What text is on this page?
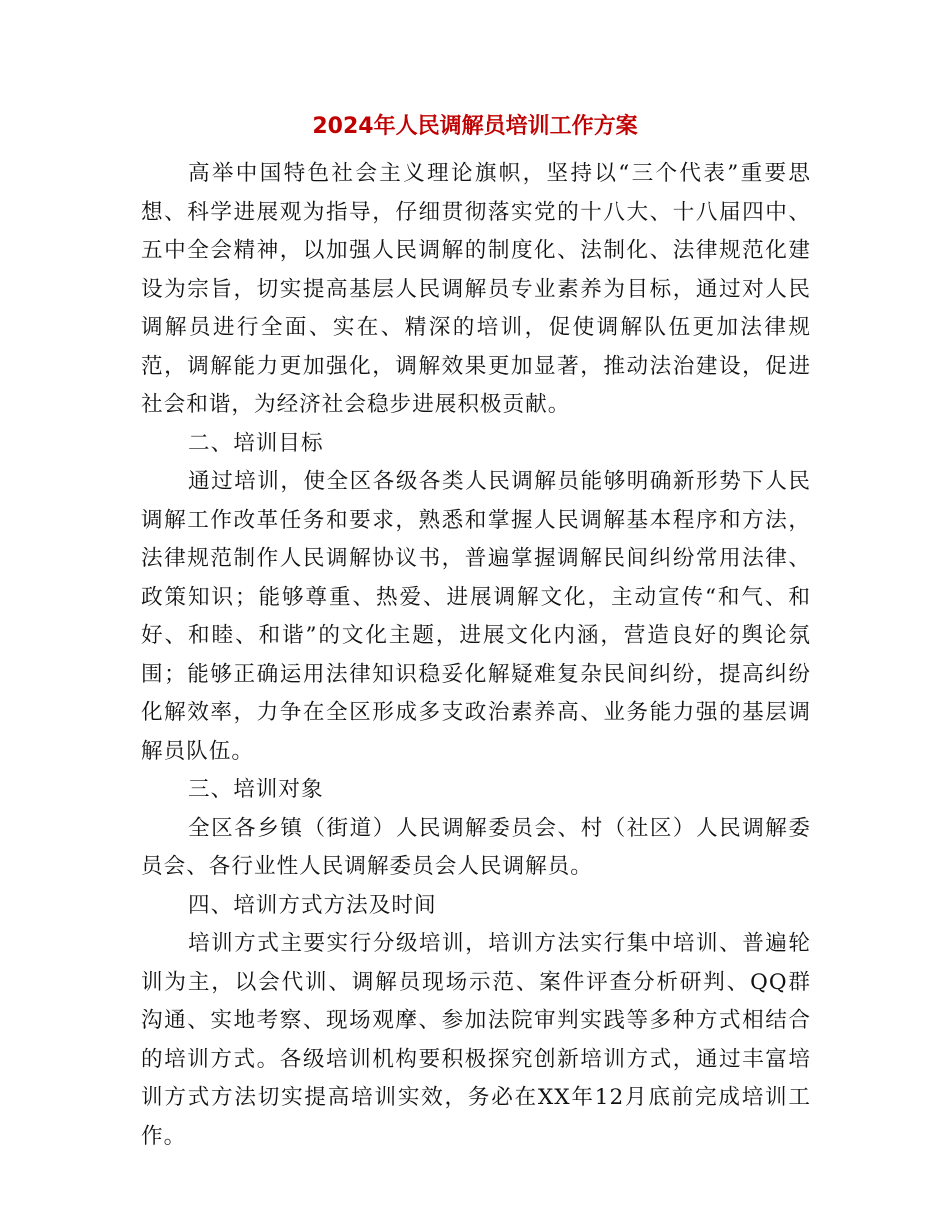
2024年人民调解员培训工作方案

高举中国特色社会主义理论旗帜，坚持以“三个代表”重要思想、科学进展观为指导，仔细贯彻落实党的十八大、十八届四中、五中全会精神，以加强人民调解的制度化、法制化、法律规范化建设为宗旨，切实提高基层人民调解员专业素养为目标，通过对人民调解员进行全面、实在、精深的培训，促使调解队伍更加法律规范，调解能力更加强化，调解效果更加显著，推动法治建设，促进社会和谐，为经济社会稳步进展积极贡献。

二、培训目标

通过培训，使全区各级各类人民调解员能够明确新形势下人民调解工作改革任务和要求，熟悉和掌握人民调解基本程序和方法，法律规范制作人民调解协议书，普遍掌握调解民间纠纷常用法律、政策知识；能够尊重、热爱、进展调解文化，主动宣传“和气、和好、和睦、和谐”的文化主题，进展文化内涵，营造良好的舆论氛围；能够正确运用法律知识稳妥化解疑难复杂民间纠纷，提高纠纷化解效率，力争在全区形成多支政治素养高、业务能力强的基层调解员队伍。

三、培训对象

全区各乡镇（街道）人民调解委员会、村（社区）人民调解委员会、各行业性人民调解委员会人民调解员。

四、培训方式方法及时间

培训方式主要实行分级培训，培训方法实行集中培训、普遍轮训为主，以会代训、调解员现场示范、案件评查分析研判、QQ群沟通、实地考察、现场观摩、参加法院审判实践等多种方式相结合的培训方式。各级培训机构要积极探究创新培训方式，通过丰富培训方式方法切实提高培训实效，务必在XX年12月底前完成培训工作。
